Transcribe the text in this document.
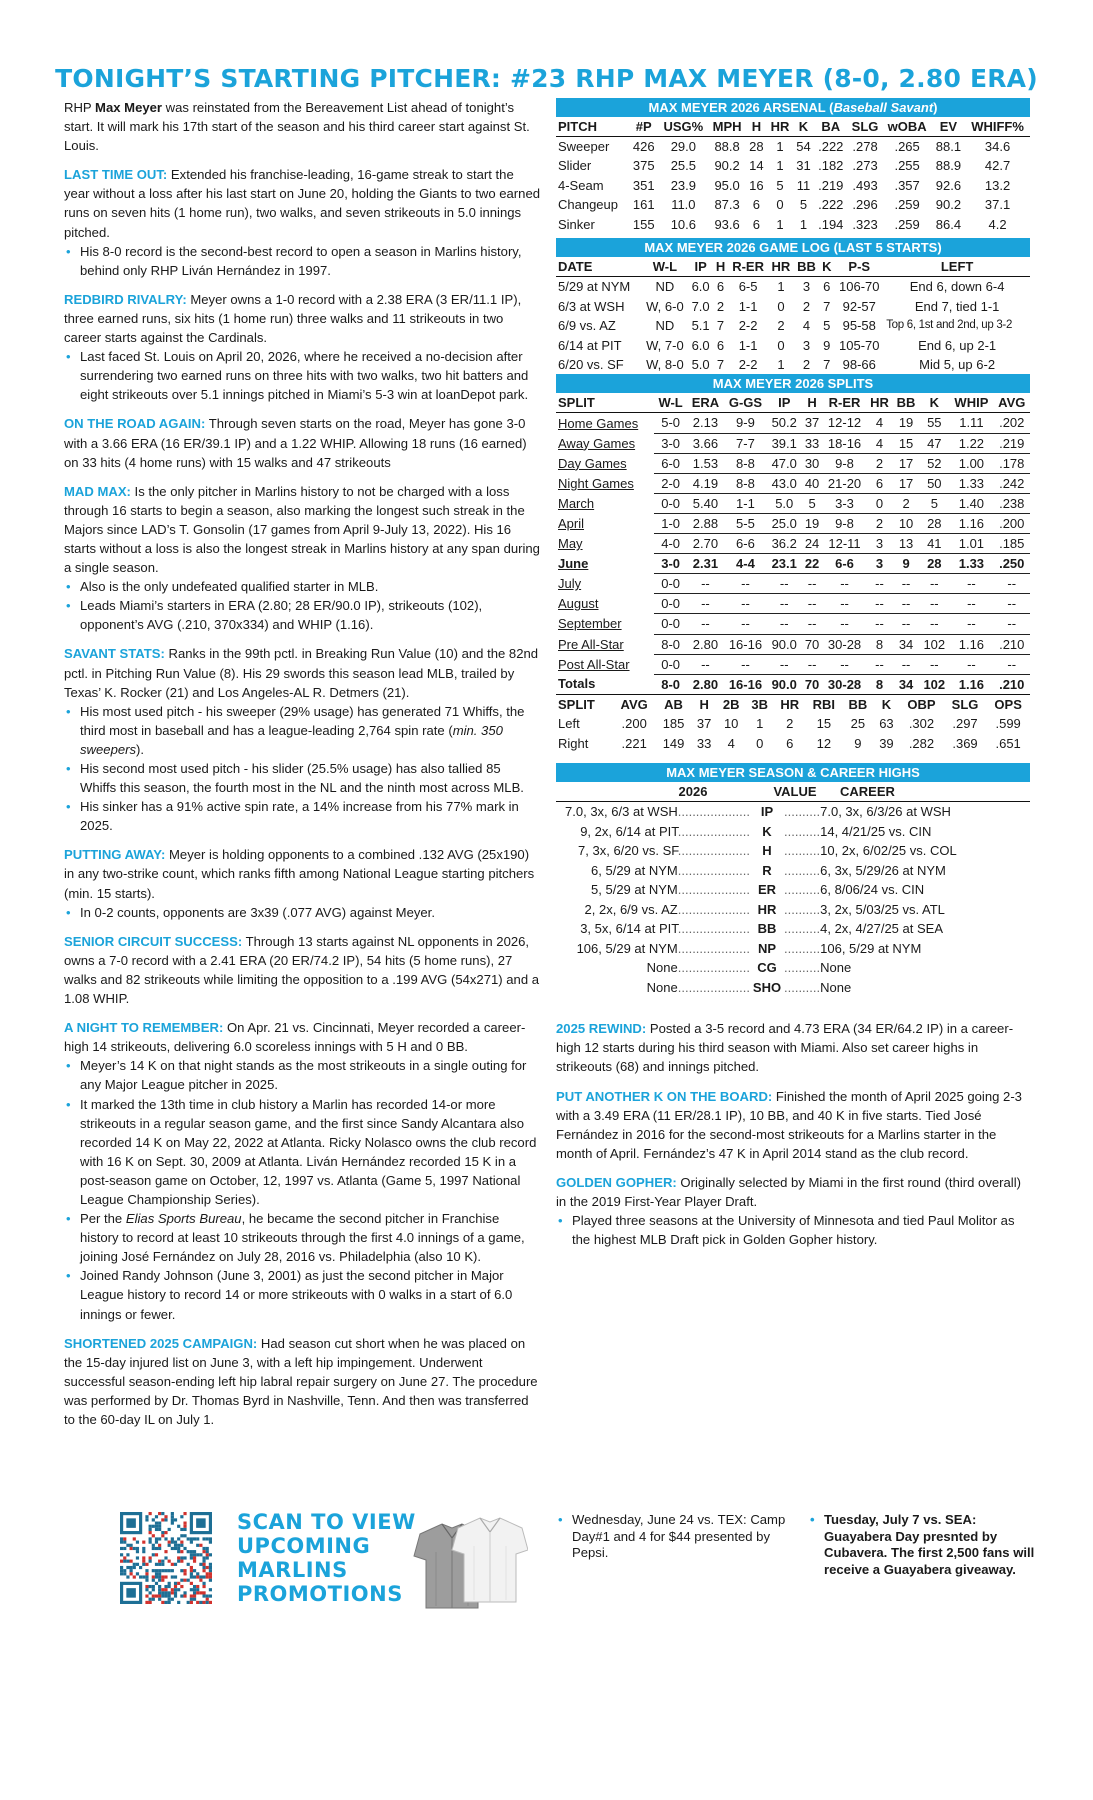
TONIGHT’S STARTING PITCHER: #23 RHP MAX MEYER (8-0, 2.80 ERA)

RHP Max Meyer was reinstated from the Bereavement List ahead of tonight’s start. It will mark his 17th start of the season and his third career start against St. Louis.

LAST TIME OUT: Extended his franchise-leading, 16-game streak to start the year without a loss after his last start on June 20, holding the Giants to two earned runs on seven hits (1 home run), two walks, and seven strikeouts in 5.0 innings pitched.

• His 8-0 record is the second-best record to open a season in Marlins history, behind only RHP Liván Hernández in 1997.

REDBIRD RIVALRY: Meyer owns a 1-0 record with a 2.38 ERA (3 ER/11.1 IP), three earned runs, six hits (1 home run) three walks and 11 strikeouts in two career starts against the Cardinals.

• Last faced St. Louis on April 20, 2026, where he received a no-decision after surrendering two earned runs on three hits with two walks, two hit batters and eight strikeouts over 5.1 innings pitched in Miami’s 5-3 win at loanDepot park.

ON THE ROAD AGAIN: Through seven starts on the road, Meyer has gone 3-0 with a 3.66 ERA (16 ER/39.1 IP) and a 1.22 WHIP. Allowing 18 runs (16 earned) on 33 hits (4 home runs) with 15 walks and 47 strikeouts

MAD MAX: Is the only pitcher in Marlins history to not be charged with a loss through 16 starts to begin a season, also marking the longest such streak in the Majors since LAD’s T. Gonsolin (17 games from April 9-July 13, 2022). His 16 starts without a loss is also the longest streak in Marlins history at any span during a single season.

• Also is the only undefeated qualified starter in MLB.
• Leads Miami’s starters in ERA (2.80; 28 ER/90.0 IP), strikeouts (102), opponent’s AVG (.210, 370x334) and WHIP (1.16).

SAVANT STATS: Ranks in the 99th pctl. in Breaking Run Value (10) and the 82nd pctl. in Pitching Run Value (8). His 29 swords this season lead MLB, trailed by Texas’ K. Rocker (21) and Los Angeles-AL R. Detmers (21).

• His most used pitch - his sweeper (29% usage) has generated 71 Whiffs, the third most in baseball and has a league-leading 2,764 spin rate (min. 350 sweepers).
• His second most used pitch - his slider (25.5% usage) has also tallied 85 Whiffs this season, the fourth most in the NL and the ninth most across MLB.
• His sinker has a 91% active spin rate, a 14% increase from his 77% mark in 2025.

PUTTING AWAY: Meyer is holding opponents to a combined .132 AVG (25x190) in any two-strike count, which ranks fifth among National League starting pitchers (min. 15 starts).

• In 0-2 counts, opponents are 3x39 (.077 AVG) against Meyer.

SENIOR CIRCUIT SUCCESS: Through 13 starts against NL opponents in 2026, owns a 7-0 record with a 2.41 ERA (20 ER/74.2 IP), 54 hits (5 home runs), 27 walks and 82 strikeouts while limiting the opposition to a .199 AVG (54x271) and a 1.08 WHIP.

A NIGHT TO REMEMBER: On Apr. 21 vs. Cincinnati, Meyer recorded a career-high 14 strikeouts, delivering 6.0 scoreless innings with 5 H and 0 BB.

• Meyer’s 14 K on that night stands as the most strikeouts in a single outing for any Major League pitcher in 2025.
• It marked the 13th time in club history a Marlin has recorded 14-or more strikeouts in a regular season game, and the first since Sandy Alcantara also recorded 14 K on May 22, 2022 at Atlanta. Ricky Nolasco owns the club record with 16 K on Sept. 30, 2009 at Atlanta. Liván Hernández recorded 15 K in a post-season game on October, 12, 1997 vs. Atlanta (Game 5, 1997 National League Championship Series).
• Per the Elias Sports Bureau, he became the second pitcher in Franchise history to record at least 10 strikeouts through the first 4.0 innings of a game, joining José Fernández on July 28, 2016 vs. Philadelphia (also 10 K).
• Joined Randy Johnson (June 3, 2001) as just the second pitcher in Major League history to record 14 or more strikeouts with 0 walks in a start of 6.0 innings or fewer.

SHORTENED 2025 CAMPAIGN: Had season cut short when he was placed on the 15-day injured list on June 3, with a left hip impingement. Underwent successful season-ending left hip labral repair surgery on June 27. The procedure was performed by Dr. Thomas Byrd in Nashville, Tenn. And then was transferred to the 60-day IL on July 1.

MAX MEYER 2026 ARSENAL (Baseball Savant)
PITCH	#P	USG%	MPH	H	HR	K	BA	SLG	wOBA	EV	WHIFF%
Sweeper	426	29.0	88.8	28	1	54	.222	.278	.265	88.1	34.6
Slider	375	25.5	90.2	14	1	31	.182	.273	.255	88.9	42.7
4-Seam	351	23.9	95.0	16	5	11	.219	.493	.357	92.6	13.2
Changeup	161	11.0	87.3	6	0	5	.222	.296	.259	90.2	37.1
Sinker	155	10.6	93.6	6	1	1	.194	.323	.259	86.4	4.2
MAX MEYER 2026 GAME LOG (LAST 5 STARTS)
DATE	W-L	IP	H	R-ER	HR	BB	K	P-S	LEFT
5/29 at NYM	ND	6.0	6	6-5	1	3	6	106-70	End 6, down 6-4
6/3 at WSH	W, 6-0	7.0	2	1-1	0	2	7	92-57	End 7, tied 1-1
6/9 vs. AZ	ND	5.1	7	2-2	2	4	5	95-58	Top 6, 1st and 2nd, up 3-2
6/14 at PIT	W, 7-0	6.0	6	1-1	0	3	9	105-70	End 6, up 2-1
6/20 vs. SF	W, 8-0	5.0	7	2-2	1	2	7	98-66	Mid 5, up 6-2
MAX MEYER 2026 SPLITS
SPLIT	W-L	ERA	G-GS	IP	H	R-ER	HR	BB	K	WHIP	AVG
Home Games	5-0	2.13	9-9	50.2	37	12-12	4	19	55	1.11	.202
Away Games	3-0	3.66	7-7	39.1	33	18-16	4	15	47	1.22	.219
Day Games	6-0	1.53	8-8	47.0	30	9-8	2	17	52	1.00	.178
Night Games	2-0	4.19	8-8	43.0	40	21-20	6	17	50	1.33	.242
March	0-0	5.40	1-1	5.0	5	3-3	0	2	5	1.40	.238
April	1-0	2.88	5-5	25.0	19	9-8	2	10	28	1.16	.200
May	4-0	2.70	6-6	36.2	24	12-11	3	13	41	1.01	.185
June	3-0	2.31	4-4	23.1	22	6-6	3	9	28	1.33	.250
July	0-0	--	--	--	--	--	--	--	--	--	--
August	0-0	--	--	--	--	--	--	--	--	--	--
September	0-0	--	--	--	--	--	--	--	--	--	--
Pre All-Star	8-0	2.80	16-16	90.0	70	30-28	8	34	102	1.16	.210
Post All-Star	0-0	--	--	--	--	--	--	--	--	--	--
Totals	8-0	2.80	16-16	90.0	70	30-28	8	34	102	1.16	.210
SPLIT	AVG	AB	H	2B	3B	HR	RBI	BB	K	OBP	SLG	OPS
Left	.200	185	37	10	1	2	15	25	63	.302	.297	.599
Right	.221	149	33	4	0	6	12	9	39	.282	.369	.651
MAX MEYER SEASON & CAREER HIGHS
2026	VALUE	CAREER
7.0, 3x, 6/3 at WSH.................... IP ..........7.0, 3x, 6/3/26 at WSH
9, 2x, 6/14 at PIT.................... K ..........14, 4/21/25 vs. CIN
7, 3x, 6/20 vs. SF.................... H ..........10, 2x, 6/02/25 vs. COL
6, 5/29 at NYM.................... R ..........6, 3x, 5/29/26 at NYM
5, 5/29 at NYM.................... ER ..........6, 8/06/24 vs. CIN
2, 2x, 6/9 vs. AZ.................... HR ..........3, 2x, 5/03/25 vs. ATL
3, 5x, 6/14 at PIT.................... BB ..........4, 2x, 4/27/25 at SEA
106, 5/29 at NYM.................... NP ..........106, 5/29 at NYM
None.................... CG ..........None
None.................... SHO ..........None

2025 REWIND: Posted a 3-5 record and 4.73 ERA (34 ER/64.2 IP) in a career-high 12 starts during his third season with Miami. Also set career highs in strikeouts (68) and innings pitched.

PUT ANOTHER K ON THE BOARD: Finished the month of April 2025 going 2-3 with a 3.49 ERA (11 ER/28.1 IP), 10 BB, and 40 K in five starts. Tied José Fernández in 2016 for the second-most strikeouts for a Marlins starter in the month of April. Fernández’s 47 K in April 2014 stand as the club record.

GOLDEN GOPHER: Originally selected by Miami in the first round (third overall) in the 2019 First-Year Player Draft.

• Played three seasons at the University of Minnesota and tied Paul Molitor as the highest MLB Draft pick in Golden Gopher history.
SCAN TO VIEW
UPCOMING
MARLINS
PROMOTIONS
• Wednesday, June 24 vs. TEX: Camp Day#1 and 4 for $44 presented by Pepsi.
• Tuesday, July 7 vs. SEA: Guayabera Day presnted by Cubavera. The first 2,500 fans will receive a Guayabera giveaway.
